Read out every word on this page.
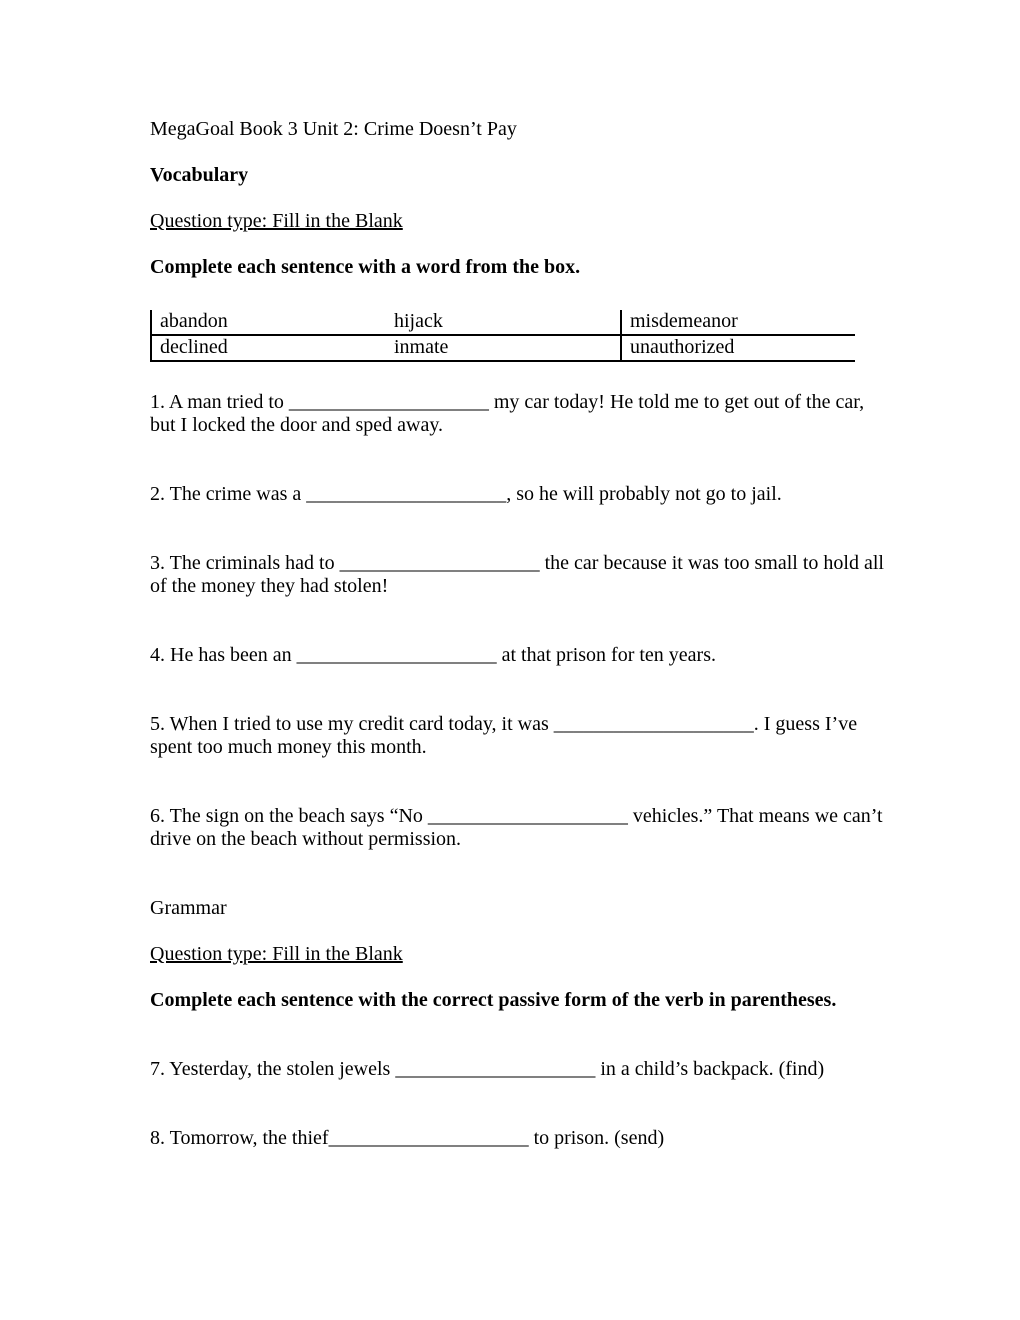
MegaGoal Book 3 Unit 2: Crime Doesn’t Pay

Vocabulary

Question type: Fill in the Blank

Complete each sentence with a word from the box.

abandon	hijack	misdemeanor
declined	inmate	unauthorized

1. A man tried to ____________________ my car today! He told me to get out of the car, but I locked the door and sped away.

2. The crime was a ____________________, so he will probably not go to jail.

3. The criminals had to ____________________ the car because it was too small to hold all of the money they had stolen!

4. He has been an ____________________ at that prison for ten years.

5. When I tried to use my credit card today, it was ____________________. I guess I’ve spent too much money this month.

6. The sign on the beach says “No ____________________ vehicles.” That means we can’t drive on the beach without permission.

Grammar

Question type: Fill in the Blank

Complete each sentence with the correct passive form of the verb in parentheses.

7. Yesterday, the stolen jewels ____________________ in a child’s backpack. (find)

8. Tomorrow, the thief____________________ to prison. (send)
